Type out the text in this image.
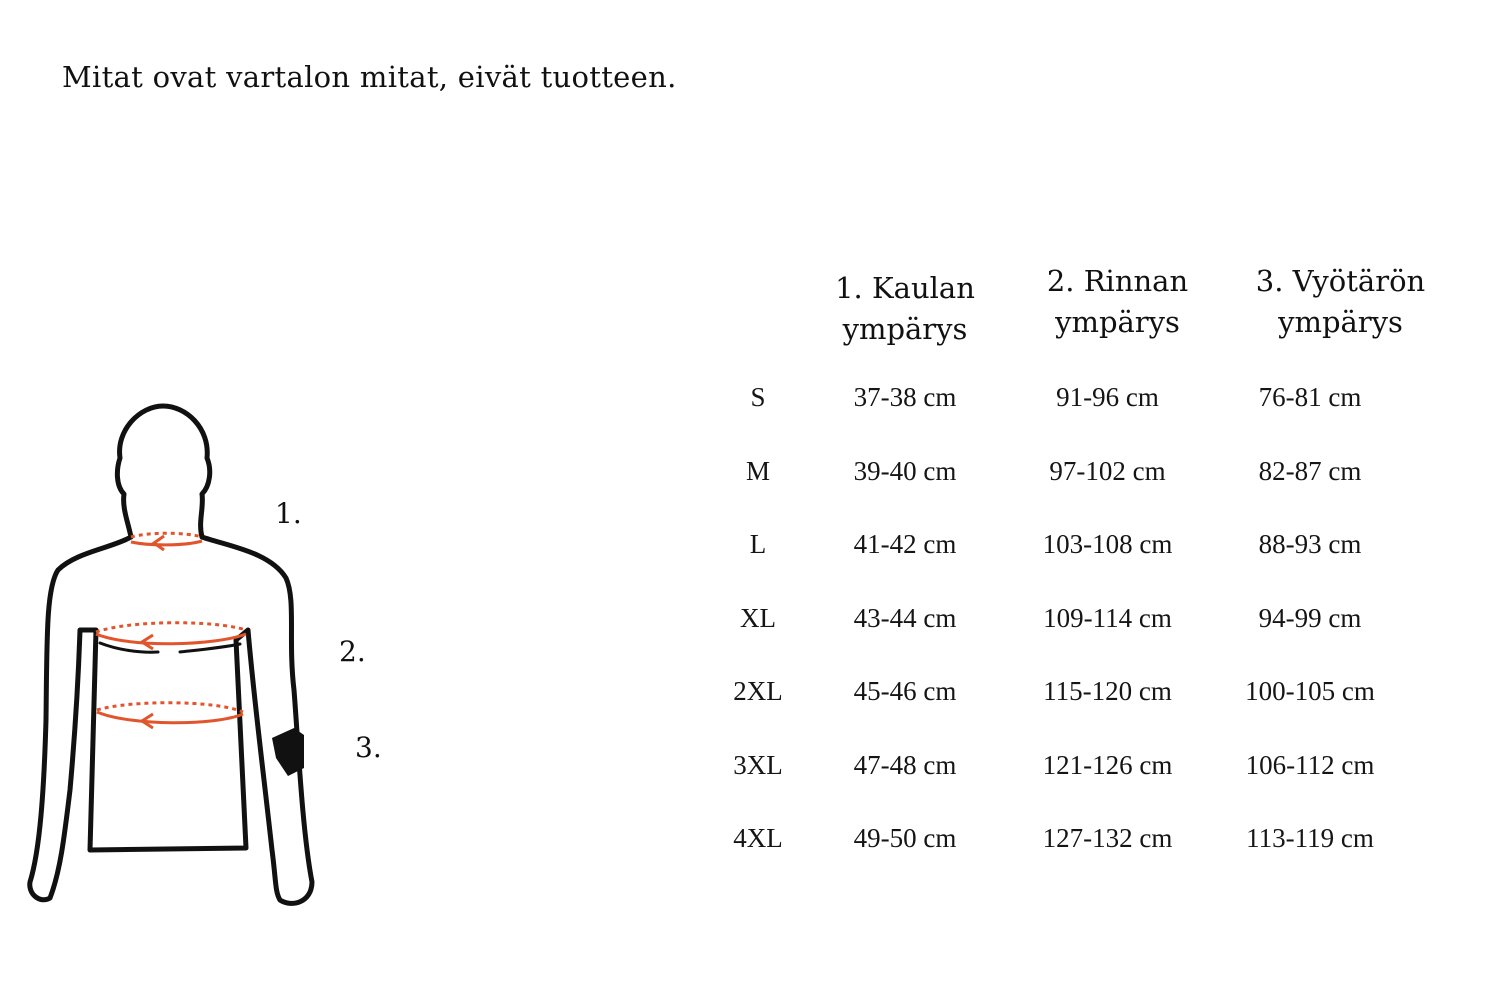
Mitat ovat vartalon mitat, eivät tuotteen.

1.
2.
3.
1. Kaulan
ympärys
2. Rinnan
ympärys
3. Vyötärön
ympärys
S	37-38 cm	91-96 cm	76-81 cm
M	39-40 cm	97-102 cm	82-87 cm
L	41-42 cm	103-108 cm	88-93 cm
XL	43-44 cm	109-114 cm	94-99 cm
2XL	45-46 cm	115-120 cm	100-105 cm
3XL	47-48 cm	121-126 cm	106-112 cm
4XL	49-50 cm	127-132 cm	113-119 cm
